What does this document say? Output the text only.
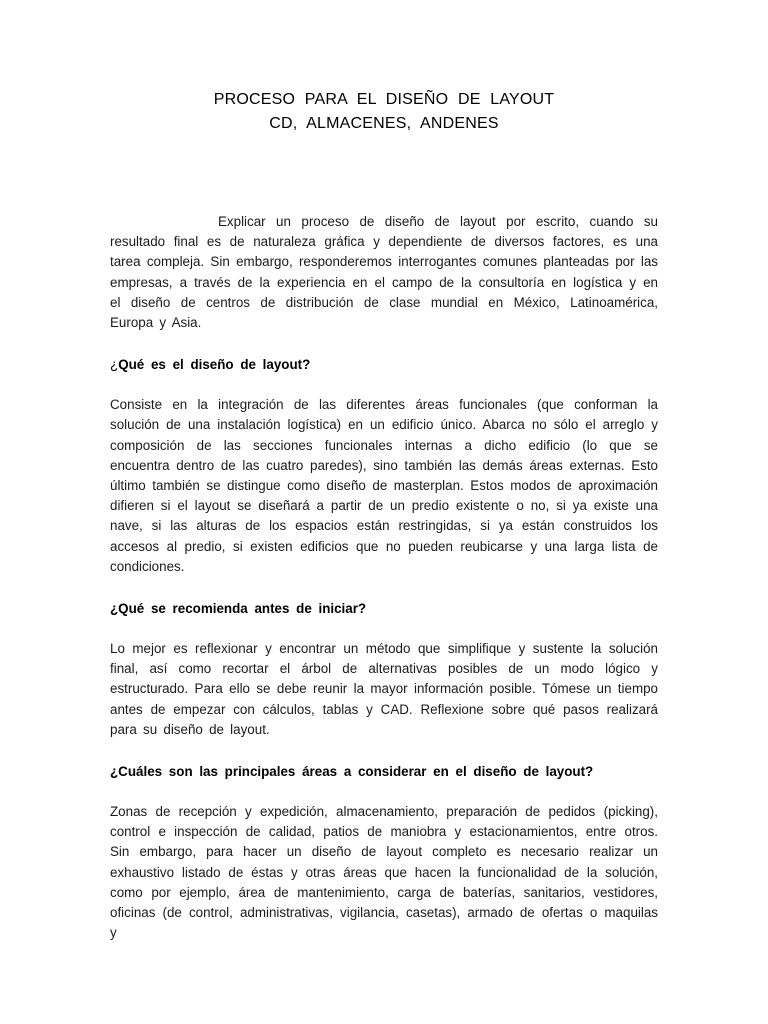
PROCESO PARA EL DISEÑO DE LAYOUT
CD, ALMACENES, ANDENES

Explicar un proceso de diseño de layout por escrito, cuando su resultado final es de naturaleza gráfica y dependiente de diversos factores, es una tarea compleja. Sin embargo, responderemos interrogantes comunes planteadas por las empresas, a través de la experiencia en el campo de la consultoría en logística y en el diseño de centros de distribución de clase mundial en México, Latinoamérica, Europa y Asia.

¿Qué es el diseño de layout?

Consiste en la integración de las diferentes áreas funcionales (que conforman la solución de una instalación logística) en un edificio único. Abarca no sólo el arreglo y composición de las secciones funcionales internas a dicho edificio (lo que se encuentra dentro de las cuatro paredes), sino también las demás áreas externas. Esto último también se distingue como diseño de masterplan. Estos modos de aproximación difieren si el layout se diseñará a partir de un predio existente o no, si ya existe una nave, si las alturas de los espacios están restringidas, si ya están construidos los accesos al predio, si existen edificios que no pueden reubicarse y una larga lista de condiciones.

¿Qué se recomienda antes de iniciar?

Lo mejor es reflexionar y encontrar un método que simplifique y sustente la solución final, así como recortar el árbol de alternativas posibles de un modo lógico y estructurado. Para ello se debe reunir la mayor información posible. Tómese un tiempo antes de empezar con cálculos, tablas y CAD. Reflexione sobre qué pasos realizará para su diseño de layout.

¿Cuáles son las principales áreas a considerar en el diseño de layout?

Zonas de recepción y expedición, almacenamiento, preparación de pedidos (picking), control e inspección de calidad, patios de maniobra y estacionamientos, entre otros. Sin embargo, para hacer un diseño de layout completo es necesario realizar un exhaustivo listado de éstas y otras áreas que hacen la funcionalidad de la solución, como por ejemplo, área de mantenimiento, carga de baterías, sanitarios, vestidores, oficinas (de control, administrativas, vigilancia, casetas), armado de ofertas o maquilas y
